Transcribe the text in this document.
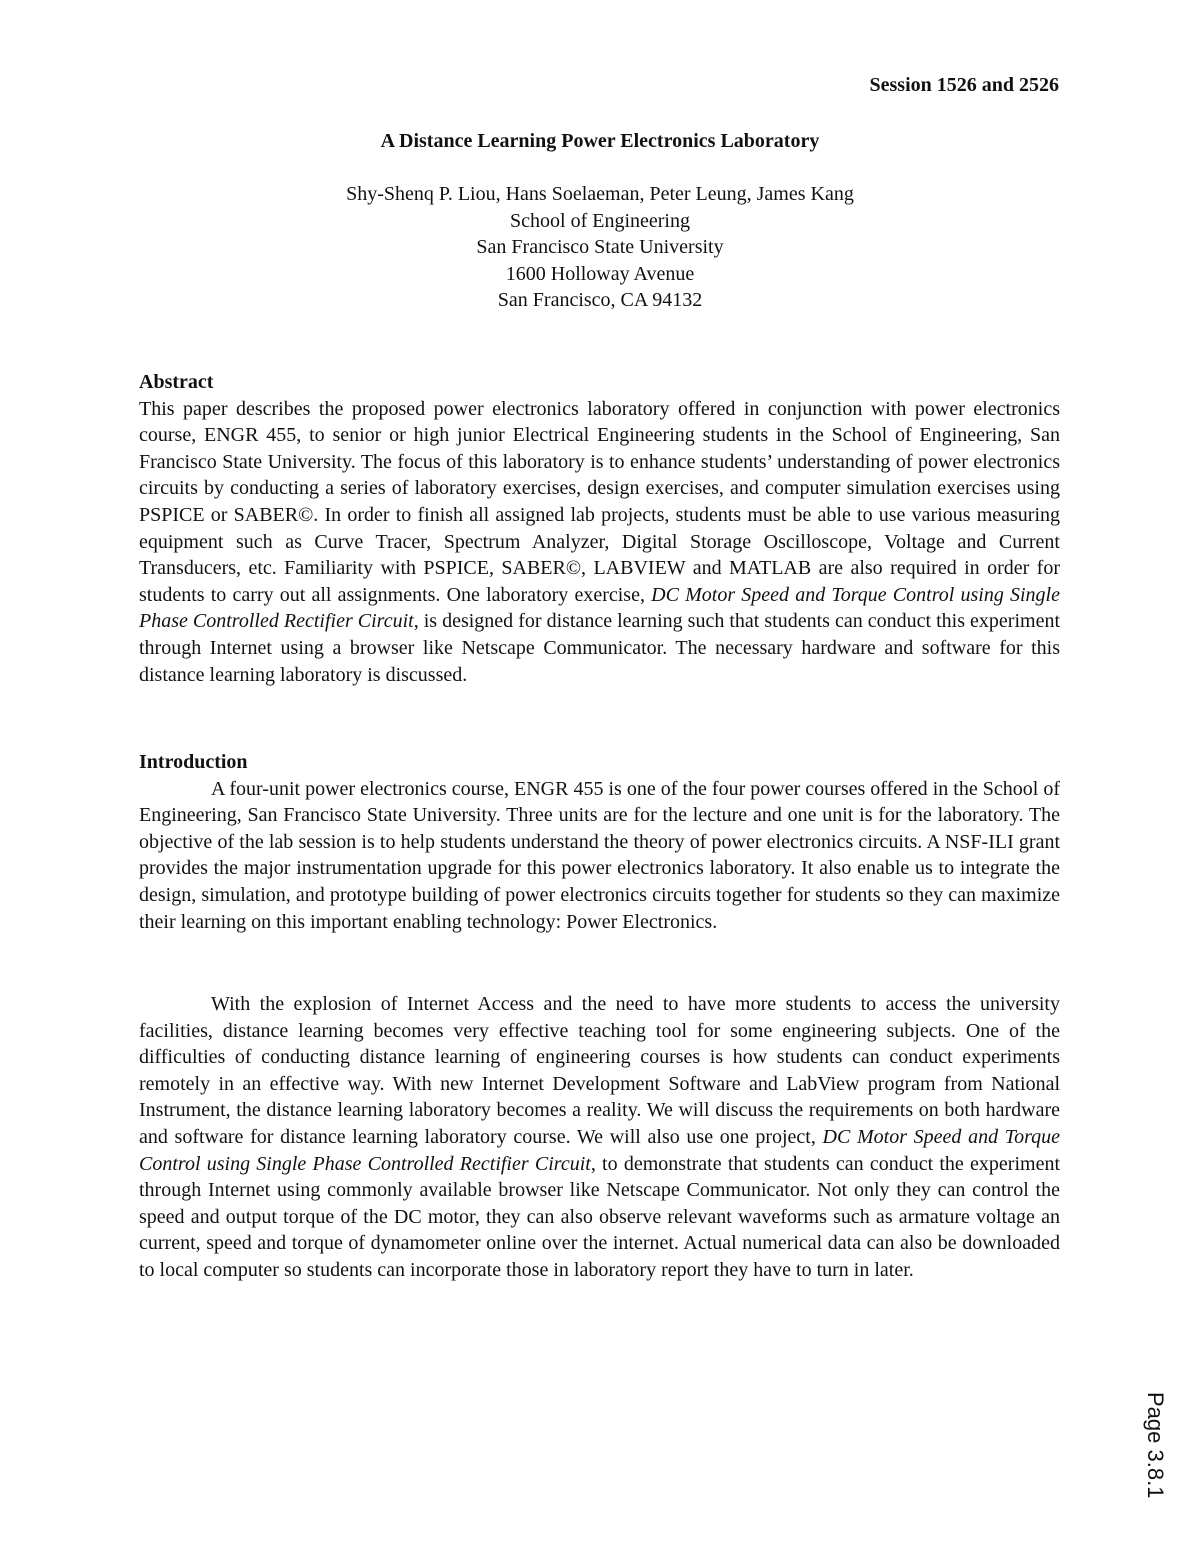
Session 1526 and 2526
A Distance Learning Power Electronics Laboratory
Shy-Shenq P. Liou, Hans Soelaeman, Peter Leung, James Kang
School of Engineering
San Francisco State University
1600 Holloway Avenue
San Francisco, CA 94132

Abstract

This paper describes the proposed power electronics laboratory offered in conjunction with power electronics course, ENGR 455, to senior or high junior Electrical Engineering students in the School of Engineering, San Francisco State University. The focus of this laboratory is to enhance students’ understanding of power electronics circuits by conducting a series of laboratory exercises, design exercises, and computer simulation exercises using PSPICE or SABER©. In order to finish all assigned lab projects, students must be able to use various measuring equipment such as Curve Tracer, Spectrum Analyzer, Digital Storage Oscilloscope, Voltage and Current Transducers, etc. Familiarity with PSPICE, SABER©, LABVIEW and MATLAB are also required in order for students to carry out all assignments. One laboratory exercise, DC Motor Speed and Torque Control using Single Phase Controlled Rectifier Circuit, is designed for distance learning such that students can conduct this experiment through Internet using a browser like Netscape Communicator. The necessary hardware and software for this distance learning laboratory is discussed.

Introduction

A four-unit power electronics course, ENGR 455 is one of the four power courses offered in the School of Engineering, San Francisco State University. Three units are for the lecture and one unit is for the laboratory. The objective of the lab session is to help students understand the theory of power electronics circuits. A NSF-ILI grant provides the major instrumentation upgrade for this power electronics laboratory. It also enable us to integrate the design, simulation, and prototype building of power electronics circuits together for students so they can maximize their learning on this important enabling technology: Power Electronics.

With the explosion of Internet Access and the need to have more students to access the university facilities, distance learning becomes very effective teaching tool for some engineering subjects. One of the difficulties of conducting distance learning of engineering courses is how students can conduct experiments remotely in an effective way. With new Internet Development Software and LabView program from National Instrument, the distance learning laboratory becomes a reality. We will discuss the requirements on both hardware and software for distance learning laboratory course. We will also use one project, DC Motor Speed and Torque Control using Single Phase Controlled Rectifier Circuit, to demonstrate that students can conduct the experiment through Internet using commonly available browser like Netscape Communicator. Not only they can control the speed and output torque of the DC motor, they can also observe relevant waveforms such as armature voltage an current, speed and torque of dynamometer online over the internet. Actual numerical data can also be downloaded to local computer so students can incorporate those in laboratory report they have to turn in later.

Page 3.8.1
